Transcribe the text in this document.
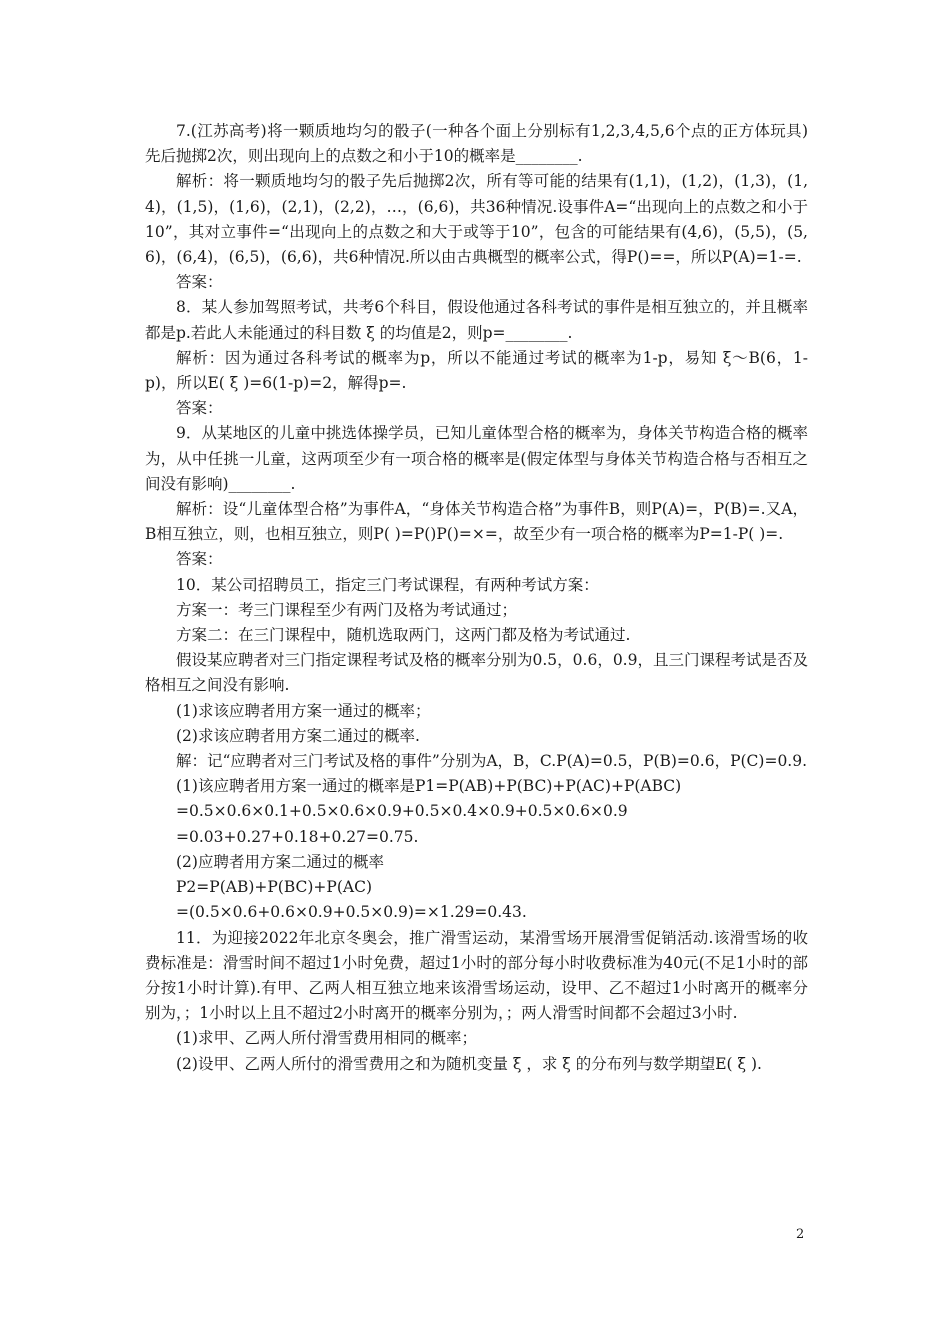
7.(江苏高考)将一颗质地均匀的骰子(一种各个面上分别标有1,2,3,4,5,6个点的正方体玩具)先后抛掷2次，则出现向上的点数之和小于10的概率是________.

解析：将一颗质地均匀的骰子先后抛掷2次，所有等可能的结果有(1,1)，(1,2)，(1,3)，(1,4)，(1,5)，(1,6)，(2,1)，(2,2)，…，(6,6)，共36种情况.设事件A=“出现向上的点数之和小于10”，其对立事件=“出现向上的点数之和大于或等于10”，包含的可能结果有(4,6)，(5,5)，(5,6)，(6,4)，(6,5)，(6,6)，共6种情况.所以由古典概型的概率公式，得P()==，所以P(A)=1-=.

答案：

8．某人参加驾照考试，共考6个科目，假设他通过各科考试的事件是相互独立的，并且概率都是p.若此人未能通过的科目数 ξ 的均值是2，则p=________.

解析：因为通过各科考试的概率为p，所以不能通过考试的概率为1-p，易知 ξ～B(6，1-p)，所以E( ξ )=6(1-p)=2，解得p=.

答案：

9．从某地区的儿童中挑选体操学员，已知儿童体型合格的概率为，身体关节构造合格的概率为，从中任挑一儿童，这两项至少有一项合格的概率是(假定体型与身体关节构造合格与否相互之间没有影响)________.

解析：设“儿童体型合格”为事件A，“身体关节构造合格”为事件B，则P(A)=，P(B)=.又A，B相互独立，则，也相互独立，则P( )=P()P()=×=，故至少有一项合格的概率为P=1-P( )=.

答案：

10．某公司招聘员工，指定三门考试课程，有两种考试方案：

方案一：考三门课程至少有两门及格为考试通过；

方案二：在三门课程中，随机选取两门，这两门都及格为考试通过.

假设某应聘者对三门指定课程考试及格的概率分别为0.5，0.6，0.9，且三门课程考试是否及格相互之间没有影响.

(1)求该应聘者用方案一通过的概率；

(2)求该应聘者用方案二通过的概率.

解：记“应聘者对三门考试及格的事件”分别为A，B，C.P(A)=0.5，P(B)=0.6，P(C)=0.9.

(1)该应聘者用方案一通过的概率是P1=P(AB)+P(BC)+P(AC)+P(ABC)

=0.5×0.6×0.1+0.5×0.6×0.9+0.5×0.4×0.9+0.5×0.6×0.9

=0.03+0.27+0.18+0.27=0.75.

(2)应聘者用方案二通过的概率

P2=P(AB)+P(BC)+P(AC)

=(0.5×0.6+0.6×0.9+0.5×0.9)=×1.29=0.43.

11．为迎接2022年北京冬奥会，推广滑雪运动，某滑雪场开展滑雪促销活动.该滑雪场的收费标准是：滑雪时间不超过1小时免费，超过1小时的部分每小时收费标准为40元(不足1小时的部分按1小时计算).有甲、乙两人相互独立地来该滑雪场运动，设甲、乙不超过1小时离开的概率分别为，；1小时以上且不超过2小时离开的概率分别为，；两人滑雪时间都不会超过3小时.

(1)求甲、乙两人所付滑雪费用相同的概率；

(2)设甲、乙两人所付的滑雪费用之和为随机变量 ξ ，求 ξ 的分布列与数学期望E( ξ ).

2
